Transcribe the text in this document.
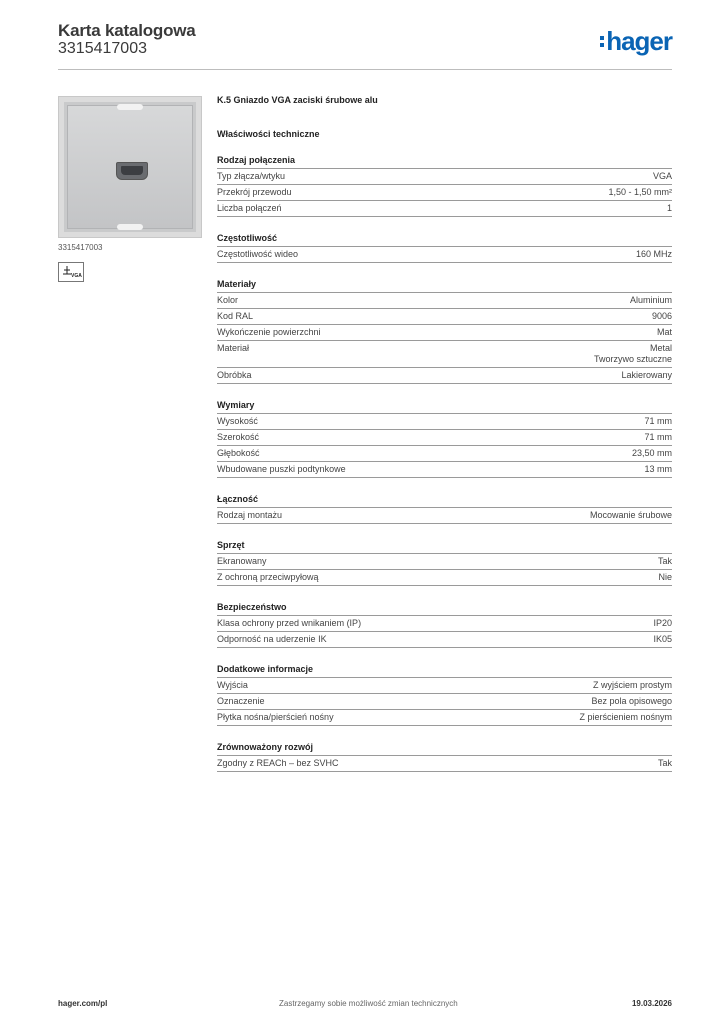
Karta katalogowa
3315417003	hager
3315417003
VGA
K.5 Gniazdo VGA zaciski śrubowe alu
Właściwości techniczne
Rodzaj połączenia
Typ złącza/wtyku	VGA
Przekrój przewodu	1,50 - 1,50 mm²
Liczba połączeń	1
Częstotliwość
Częstotliwość wideo	160 MHz
Materiały
Kolor	Aluminium
Kod RAL	9006
Wykończenie powierzchni	Mat
Materiał	Metal
Tworzywo sztuczne
Obróbka	Lakierowany
Wymiary
Wysokość	71 mm
Szerokość	71 mm
Głębokość	23,50 mm
Wbudowane puszki podtynkowe	13 mm
Łączność
Rodzaj montażu	Mocowanie śrubowe
Sprzęt
Ekranowany	Tak
Z ochroną przeciwpyłową	Nie
Bezpieczeństwo
Klasa ochrony przed wnikaniem (IP)	IP20
Odporność na uderzenie IK	IK05
Dodatkowe informacje
Wyjścia	Z wyjściem prostym
Oznaczenie	Bez pola opisowego
Płytka nośna/pierścień nośny	Z pierścieniem nośnym
Zrównoważony rozwój
Zgodny z REACh – bez SVHC	Tak
hager.com/pl	Zastrzegamy sobie możliwość zmian technicznych	19.03.2026
